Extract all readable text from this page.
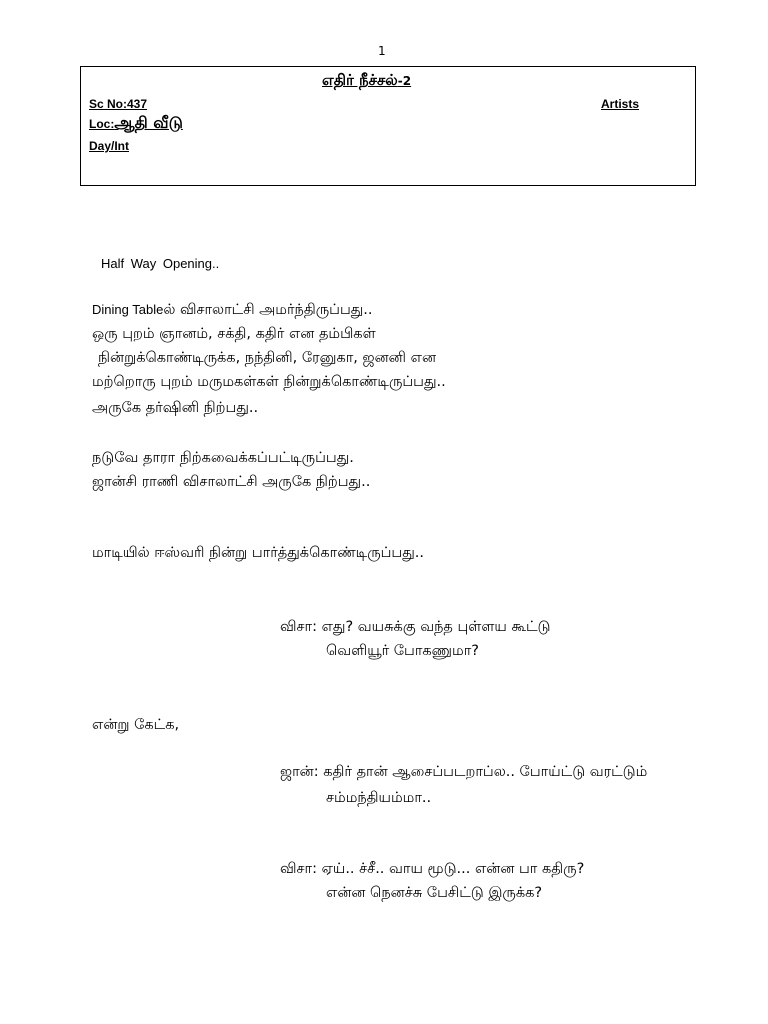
1
எதிர் நீச்சல்-2
Sc No:437	Artists
Loc:ஆதி வீடு
Day/Int
Half Way Opening..
Dining Tableல் விசாலாட்சி அமர்ந்திருப்பது..
ஒரு புறம் ஞானம், சக்தி, கதிர் என தம்பிகள்
நின்றுக்கொண்டிருக்க, நந்தினி, ரேனுகா, ஜனனி என
மற்றொரு புறம் மருமகள்கள் நின்றுக்கொண்டிருப்பது..
அருகே தர்ஷினி நிற்பது..
நடுவே தாரா நிற்கவைக்கப்பட்டிருப்பது.
ஜான்சி ராணி விசாலாட்சி அருகே நிற்பது..
மாடியில் ஈஸ்வரி நின்று பார்த்துக்கொண்டிருப்பது..
விசா: எது? வயசுக்கு வந்த புள்ளய கூட்டு
வெளியூர் போகணுமா?
என்று கேட்க,
ஜான்: கதிர் தான் ஆசைப்படறாப்ல.. போய்ட்டு வரட்டும்
சம்மந்தியம்மா..
விசா: ஏய்.. ச்சீ.. வாய மூடு... என்ன பா கதிரு?
என்ன நெனச்சு பேசிட்டு இருக்க?
